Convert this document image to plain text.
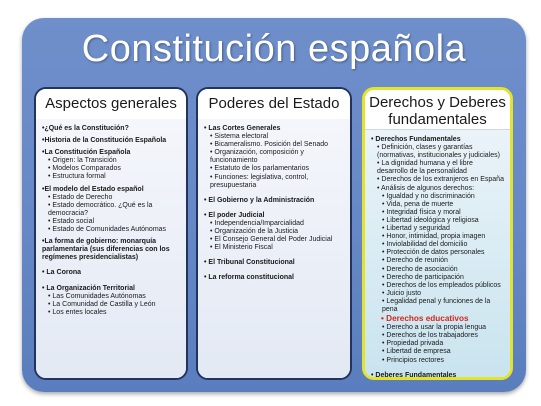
Constitución española
Aspectos generales
•¿Qué es la Constitución?
•Historia de la Constitución Española
•La Constitución Española
• Origen: la Transición
• Modelos Comparados
• Estructura formal
•El modelo del Estado español
• Estado de Derecho
• Estado democrático. ¿Qué es la democracia?
• Estado social
• Estado de Comunidades Autónomas
•La forma de gobierno: monarquía parlamentaria (sus diferencias con los regímenes presidencialistas)
• La Corona
• La Organización Territorial
• Las Comunidades Autónomas
• La Comunidad de Castilla y León
• Los entes locales
Poderes del Estado
• Las Cortes Generales
• Sistema electoral
• Bicameralismo. Posición del Senado
• Organización, composición y funcionamiento
• Estatuto de los parlamentarios
• Funciones: legislativa, control, presupuestaria
• El Gobierno y la Administración
• El poder Judicial
• Independencia/Imparcialidad
• Organización de la Justicia
• El Consejo General del Poder Judicial
• El Ministerio Fiscal
• El Tribunal Constitucional
• La reforma constitucional
Derechos y Deberes
fundamentales
• Derechos Fundamentales
• Definición, clases y garantías (normativas, institucionales y judiciales)
• La dignidad humana y el libre desarrollo de la personalidad
• Derechos de los extranjeros en España
• Análisis de algunos derechos:
• Igualdad y no discriminación
• Vida, pena de muerte
• Integridad física y moral
• Libertad ideológica y religiosa
• Libertad y seguridad
• Honor, intimidad, propia imagen
• Inviolabilidad del domicilio
• Protección de datos personales
• Derecho de reunión
• Derecho de asociación
• Derecho de participación
• Derechos de los empleados públicos
• Juicio justo
• Legalidad penal y funciones de la pena
• Derechos educativos
• Derecho a usar la propia lengua
• Derechos de los trabajadores
• Propiedad privada
• Libertad de empresa
• Principios rectores
• Deberes Fundamentales
